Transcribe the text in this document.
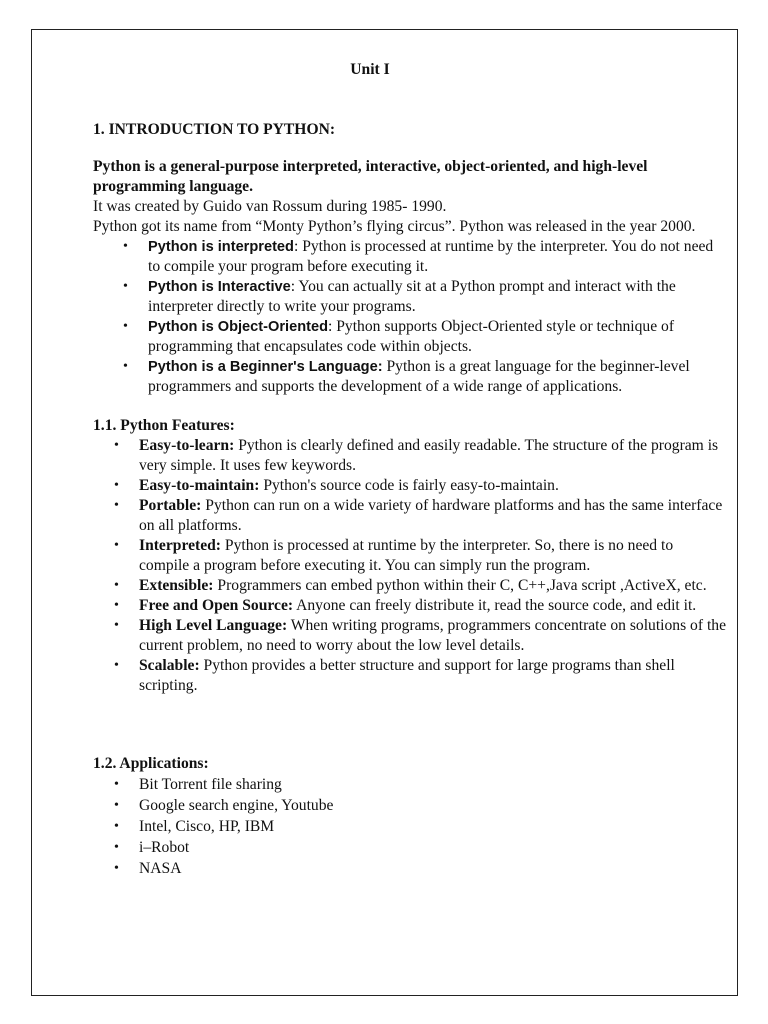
Unit I

1. INTRODUCTION TO PYTHON:

Python is a general-purpose interpreted, interactive, object-oriented, and high-level programming language.

It was created by Guido van Rossum during 1985- 1990.

Python got its name from “Monty Python’s flying circus”. Python was released in the year 2000.

• Python is interpreted: Python is processed at runtime by the interpreter. You do not need to compile your program before executing it.
• Python is Interactive: You can actually sit at a Python prompt and interact with the interpreter directly to write your programs.
• Python is Object-Oriented: Python supports Object-Oriented style or technique of programming that encapsulates code within objects.
• Python is a Beginner's Language: Python is a great language for the beginner-level programmers and supports the development of a wide range of applications.

1.1. Python Features:

• Easy-to-learn: Python is clearly defined and easily readable. The structure of the program is very simple. It uses few keywords.
• Easy-to-maintain: Python's source code is fairly easy-to-maintain.
• Portable: Python can run on a wide variety of hardware platforms and has the same interface on all platforms.
• Interpreted: Python is processed at runtime by the interpreter. So, there is no need to compile a program before executing it. You can simply run the program.
• Extensible: Programmers can embed python within their C, C++,Java script ,ActiveX, etc.
• Free and Open Source: Anyone can freely distribute it, read the source code, and edit it.
• High Level Language: When writing programs, programmers concentrate on solutions of the current problem, no need to worry about the low level details.
• Scalable: Python provides a better structure and support for large programs than shell scripting.

1.2. Applications:

• Bit Torrent file sharing
• Google search engine, Youtube
• Intel, Cisco, HP, IBM
• i–Robot
• NASA
